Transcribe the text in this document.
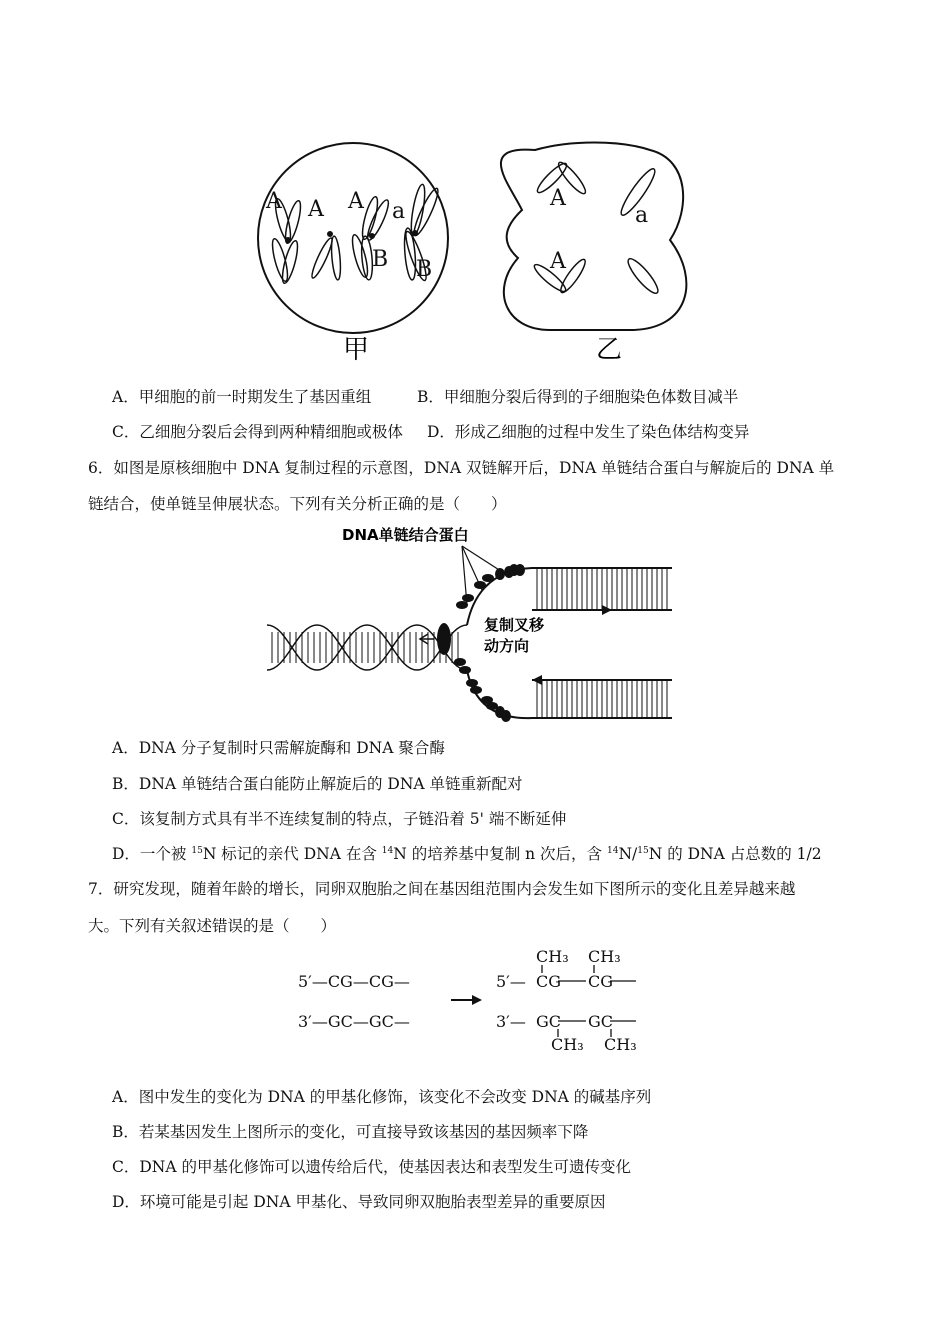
A A A a
B B
甲
A
a
A
乙
A．甲细胞的前一时期发生了基因重组	B．甲细胞分裂后得到的子细胞染色体数目减半
C．乙细胞分裂后会得到两种精细胞或极体 D．形成乙细胞的过程中发生了染色体结构变异
6．如图是原核细胞中 DNA 复制过程的示意图，DNA 双链解开后，DNA 单链结合蛋白与解旋后的 DNA 单
链结合，使单链呈伸展状态。下列有关分析正确的是（　　）
DNA单链结合蛋白
复制叉移
动方向
A．DNA 分子复制时只需解旋酶和 DNA 聚合酶
B．DNA 单链结合蛋白能防止解旋后的 DNA 单链重新配对
C．该复制方式具有半不连续复制的特点，子链沿着 5' 端不断延伸
D．一个被 $^{15}$N 标记的亲代 DNA 在含 $^{14}$N 的培养基中复制 n 次后，含 $^{14}$N/$^{15}$N 的 DNA 占总数的 1/2
7．研究发现，随着年龄的增长，同卵双胞胎之间在基因组范围内会发生如下图所示的变化且差异越来越
大。下列有关叙述错误的是（　　）
5′—CG—CG—
3′—GC—GC—
5′—
3′—
CG CG
GC GC
CH₃ CH₃
CH₃ CH₃
A．图中发生的变化为 DNA 的甲基化修饰，该变化不会改变 DNA 的碱基序列
B．若某基因发生上图所示的变化，可直接导致该基因的基因频率下降
C．DNA 的甲基化修饰可以遗传给后代，使基因表达和表型发生可遗传变化
D．环境可能是引起 DNA 甲基化、导致同卵双胞胎表型差异的重要原因
